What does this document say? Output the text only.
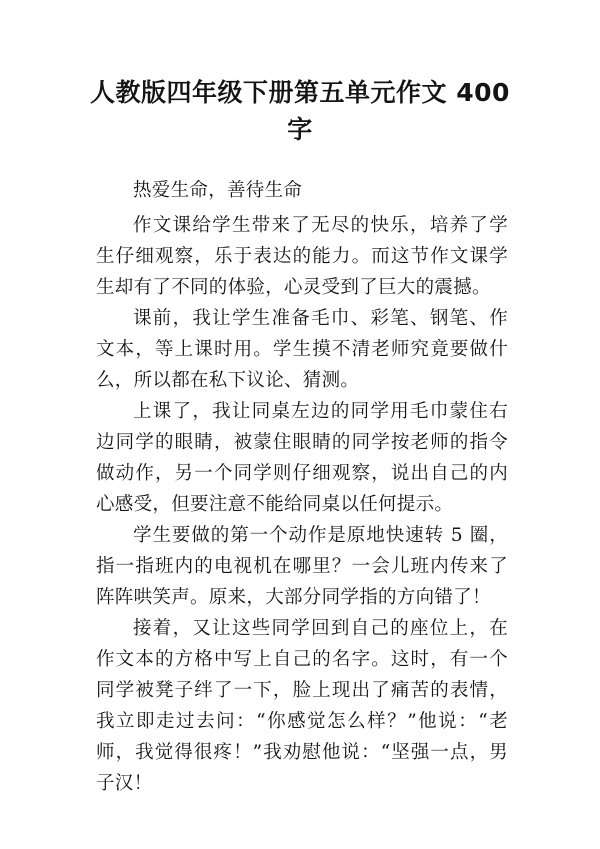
人教版四年级下册第五单元作文 400 字

热爱生命，善待生命

作文课给学生带来了无尽的快乐，培养了学生仔细观察，乐于表达的能力。而这节作文课学生却有了不同的体验，心灵受到了巨大的震撼。

课前，我让学生准备毛巾、彩笔、钢笔、作文本，等上课时用。学生摸不清老师究竟要做什么，所以都在私下议论、猜测。

上课了，我让同桌左边的同学用毛巾蒙住右边同学的眼睛，被蒙住眼睛的同学按老师的指令做动作，另一个同学则仔细观察，说出自己的内心感受，但要注意不能给同桌以任何提示。

学生要做的第一个动作是原地快速转 5 圈，指一指班内的电视机在哪里？一会儿班内传来了阵阵哄笑声。原来，大部分同学指的方向错了！

接着，又让这些同学回到自己的座位上，在作文本的方格中写上自己的名字。这时，有一个同学被凳子绊了一下，脸上现出了痛苦的表情，我立即走过去问：“你感觉怎么样？”他说：“老师，我觉得很疼！”我劝慰他说：“坚强一点，男子汉！
